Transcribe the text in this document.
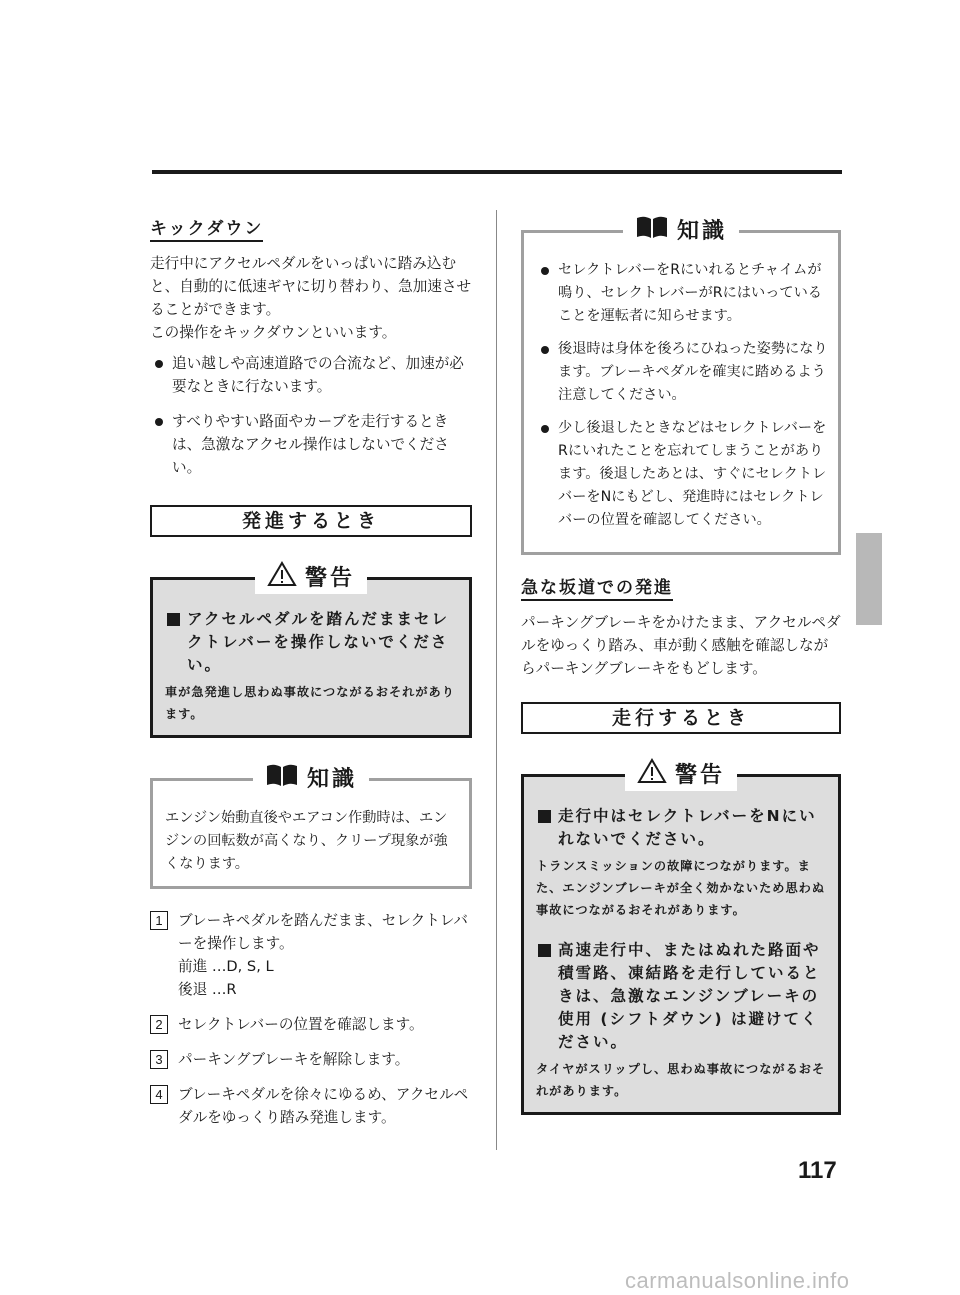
キックダウン

走行中にアクセルペダルをいっぱいに踏み込むと、自動的に低速ギヤに切り替わり、急加速させることができます。

この操作をキックダウンといいます。

追い越しや高速道路での合流など、加速が必要なときに行ないます。
すべりやすい路面やカーブを走行するときは、急激なアクセル操作はしないでください。
発進するとき
警告
アクセルペダルを踏んだままセレクトレバーを操作しないでください。
車が急発進し思わぬ事故につながるおそれがあります。
知識

エンジン始動直後やエアコン作動時は、エンジンの回転数が高くなり、クリープ現象が強くなります。

1	ブレーキペダルを踏んだまま、セレクトレバーを操作します。
前進 …D, S, L
後退 …R
2	セレクトレバーの位置を確認します。
3	パーキングブレーキを解除します。
4	ブレーキペダルを徐々にゆるめ、アクセルペダルをゆっくり踏み発進します。
知識
セレクトレバーをRにいれるとチャイムが鳴り、セレクトレバーがRにはいっていることを運転者に知らせます。
後退時は身体を後ろにひねった姿勢になります。ブレーキペダルを確実に踏めるよう注意してください。
少し後退したときなどはセレクトレバーをRにいれたことを忘れてしまうことがあります。後退したあとは、すぐにセレクトレバーをNにもどし、発進時にはセレクトレバーの位置を確認してください。
急な坂道での発進

パーキングブレーキをかけたまま、アクセルペダルをゆっくり踏み、車が動く感触を確認しながらパーキングブレーキをもどします。

走行するとき
警告
走行中はセレクトレバーをNにいれないでください。
トランスミッションの故障につながります。また、エンジンブレーキが全く効かないため思わぬ事故につながるおそれがあります。
高速走行中、またはぬれた路面や積雪路、凍結路を走行しているときは、急激なエンジンブレーキの使用 (シフトダウン) は避けてください。
タイヤがスリップし、思わぬ事故につながるおそれがあります。
117
carmanualsonline.info
